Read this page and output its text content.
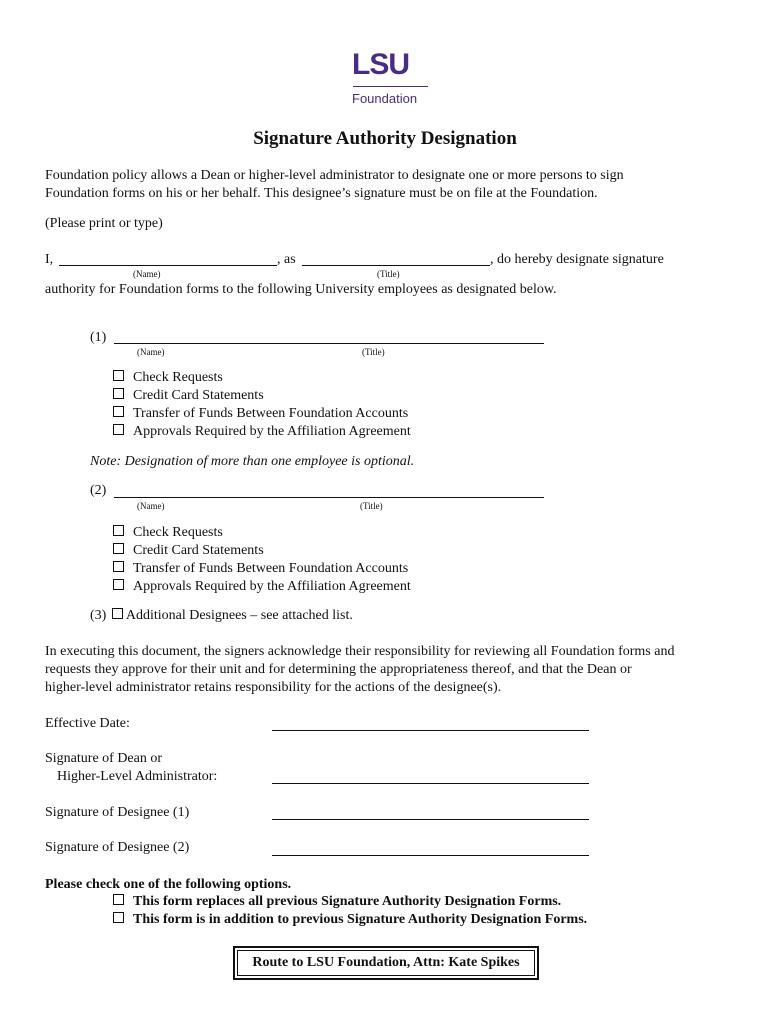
LSU
Foundation
Signature Authority Designation
Foundation policy allows a Dean or higher-level administrator to designate one or more persons to sign
Foundation forms on his or her behalf. This designee’s signature must be on file at the Foundation.
(Please print or type)
I,	, as	, do hereby designate signature
(Name)	(Title)
authority for Foundation forms to the following University employees as designated below.
(1)
(Name)	(Title)
Check Requests
Credit Card Statements
Transfer of Funds Between Foundation Accounts
Approvals Required by the Affiliation Agreement
Note: Designation of more than one employee is optional.
(2)
(Name)	(Title)
Check Requests
Credit Card Statements
Transfer of Funds Between Foundation Accounts
Approvals Required by the Affiliation Agreement
(3) Additional Designees – see attached list.
In executing this document, the signers acknowledge their responsibility for reviewing all Foundation forms and
requests they approve for their unit and for determining the appropriateness thereof, and that the Dean or
higher-level administrator retains responsibility for the actions of the designee(s).
Effective Date:
Signature of Dean or
Higher-Level Administrator:
Signature of Designee (1)
Signature of Designee (2)
Please check one of the following options.
This form replaces all previous Signature Authority Designation Forms.
This form is in addition to previous Signature Authority Designation Forms.
Route to LSU Foundation, Attn: Kate Spikes
